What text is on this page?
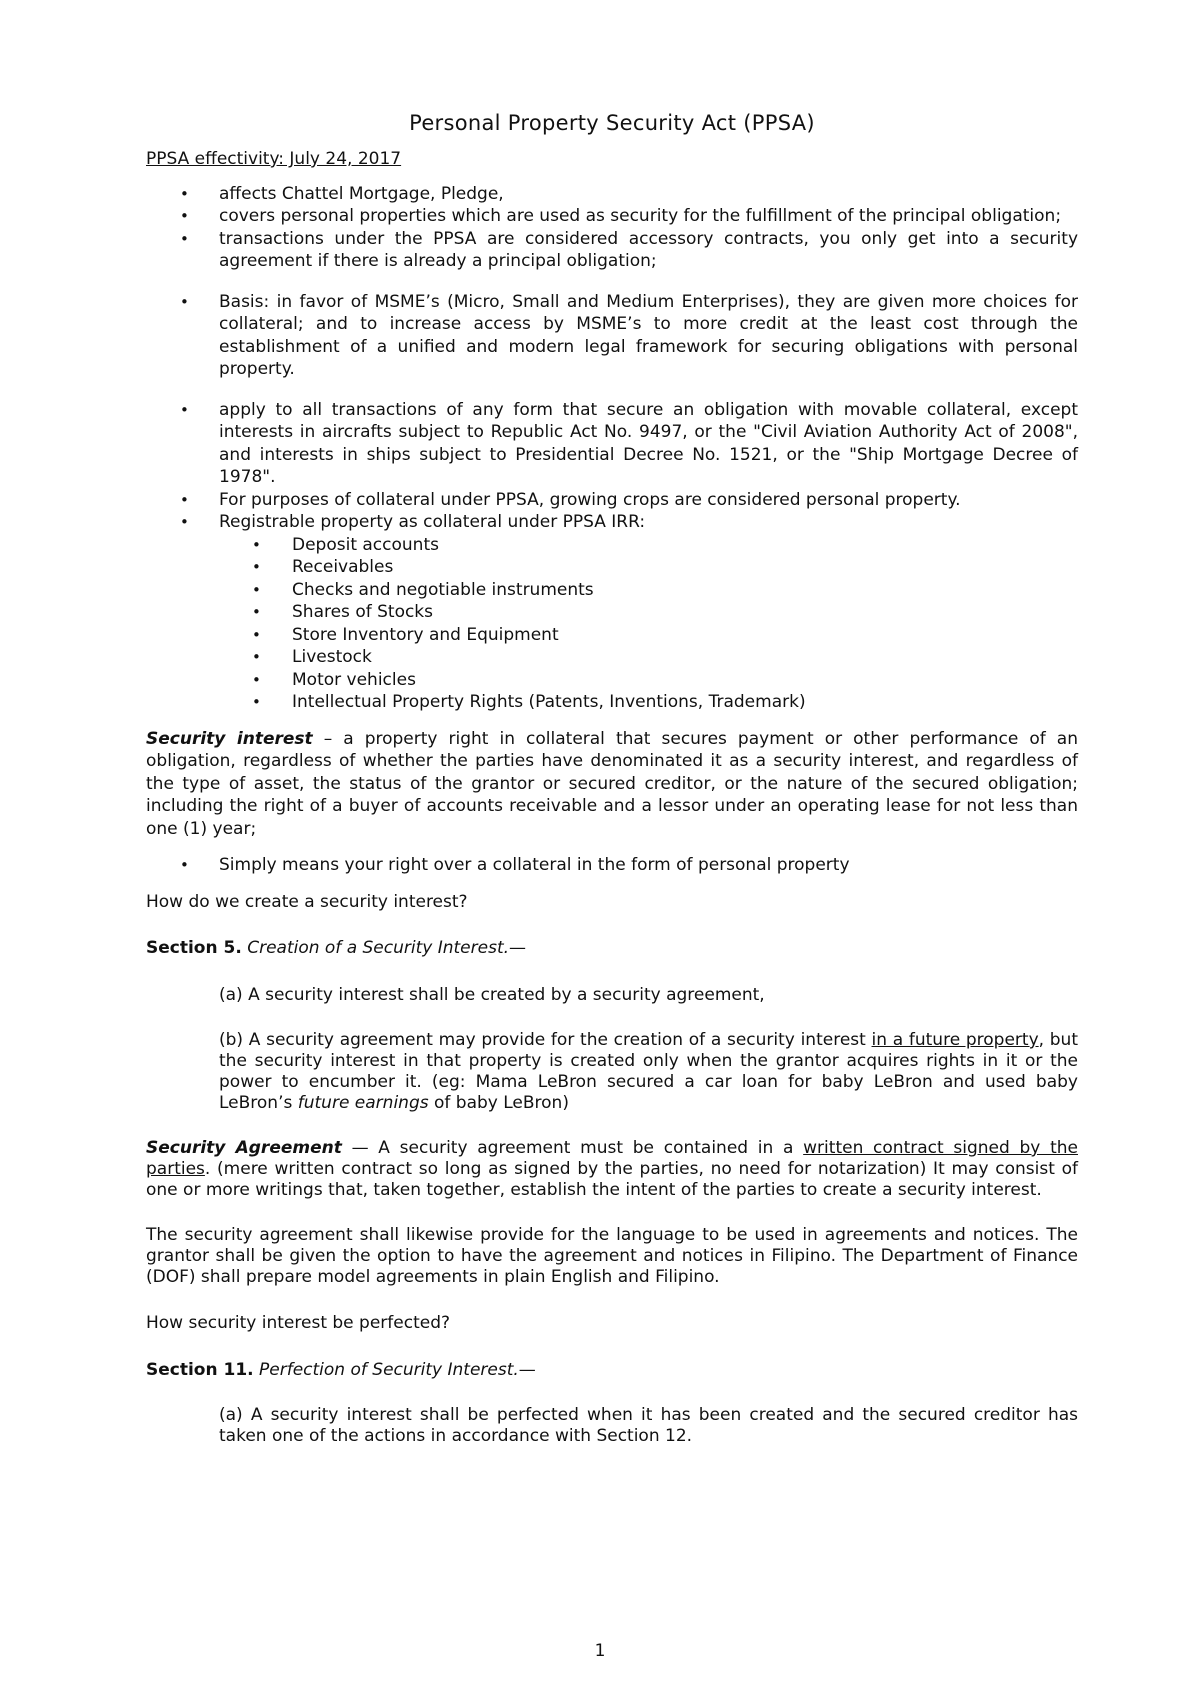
Personal Property Security Act (PPSA)

PPSA effectivity: July 24, 2017

• affects Chattel Mortgage, Pledge,
• covers personal properties which are used as security for the fulfillment of the principal obligation;
• transactions under the PPSA are considered accessory contracts, you only get into a security agreement if there is already a principal obligation;
• Basis: in favor of MSME’s (Micro, Small and Medium Enterprises), they are given more choices for collateral; and to increase access by MSME’s to more credit at the least cost through the establishment of a unified and modern legal framework for securing obligations with personal property.
• apply to all transactions of any form that secure an obligation with movable collateral, except interests in aircrafts subject to Republic Act No. 9497, or the "Civil Aviation Authority Act of 2008", and interests in ships subject to Presidential Decree No. 1521, or the "Ship Mortgage Decree of 1978".
• For purposes of collateral under PPSA, growing crops are considered personal property.
• Registrable property as collateral under PPSA IRR:
• Deposit accounts
• Receivables
• Checks and negotiable instruments
• Shares of Stocks
• Store Inventory and Equipment
• Livestock
• Motor vehicles
• Intellectual Property Rights (Patents, Inventions, Trademark)

Security interest – a property right in collateral that secures payment or other performance of an obligation, regardless of whether the parties have denominated it as a security interest, and regardless of the type of asset, the status of the grantor or secured creditor, or the nature of the secured obligation; including the right of a buyer of accounts receivable and a lessor under an operating lease for not less than one (1) year;

• Simply means your right over a collateral in the form of personal property

How do we create a security interest?

Section 5. Creation of a Security Interest.—

(a) A security interest shall be created by a security agreement,

(b) A security agreement may provide for the creation of a security interest in a future property, but the security interest in that property is created only when the grantor acquires rights in it or the power to encumber it. (eg: Mama LeBron secured a car loan for baby LeBron and used baby LeBron’s future earnings of baby LeBron)

Security Agreement — A security agreement must be contained in a written contract signed by the parties. (mere written contract so long as signed by the parties, no need for notarization) It may consist of one or more writings that, taken together, establish the intent of the parties to create a security interest.

The security agreement shall likewise provide for the language to be used in agreements and notices. The grantor shall be given the option to have the agreement and notices in Filipino. The Department of Finance (DOF) shall prepare model agreements in plain English and Filipino.

How security interest be perfected?

Section 11. Perfection of Security Interest.—

(a) A security interest shall be perfected when it has been created and the secured creditor has taken one of the actions in accordance with Section 12.

1
